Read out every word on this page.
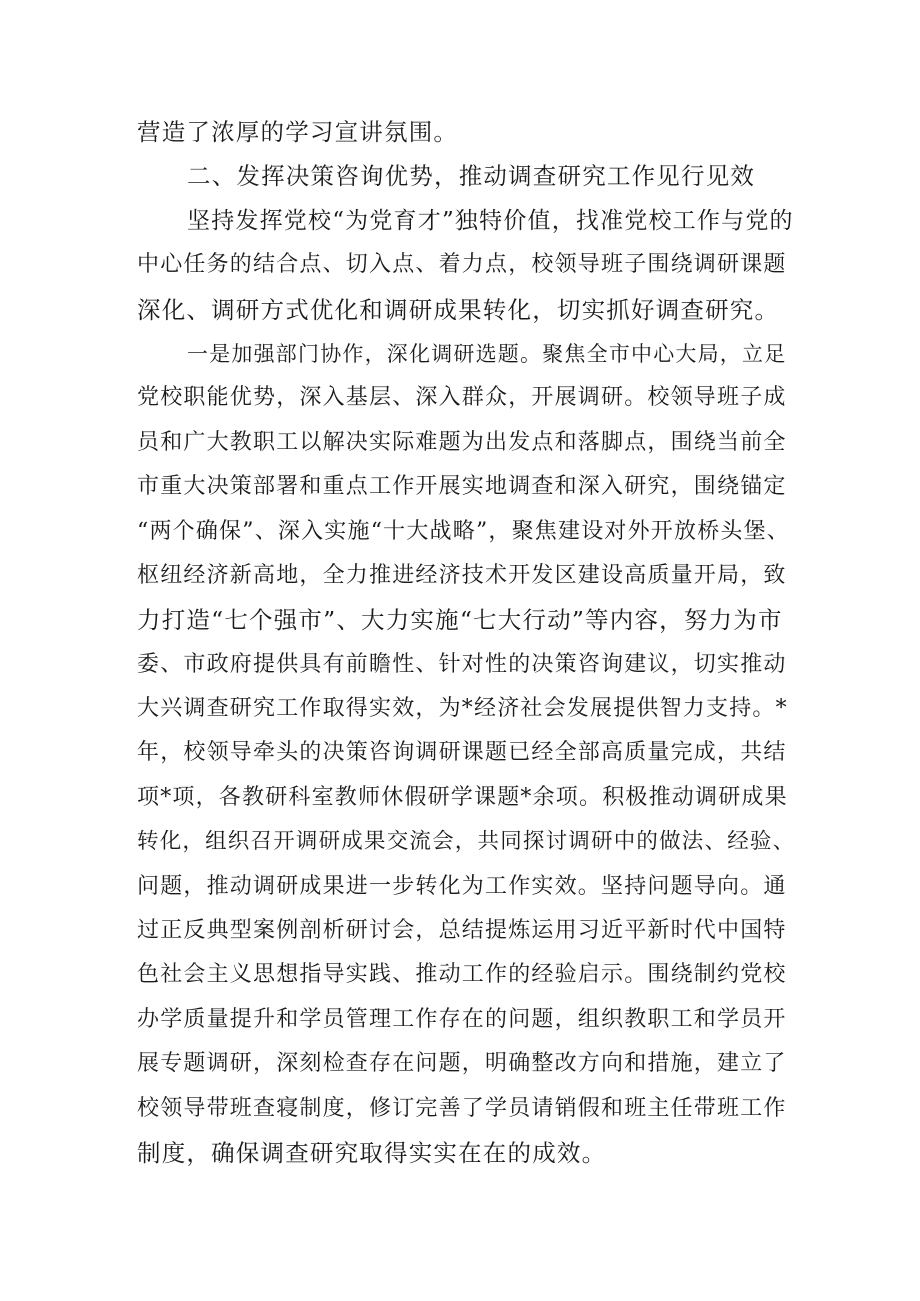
营造了浓厚的学习宣讲氛围。
二、发挥决策咨询优势，推动调查研究工作见行见效
坚持发挥党校“为党育才”独特价值，找准党校工作与党的
中心任务的结合点、切入点、着力点，校领导班子围绕调研课题
深化、调研方式优化和调研成果转化，切实抓好调查研究。
一是加强部门协作，深化调研选题。聚焦全市中心大局，立足
党校职能优势，深入基层、深入群众，开展调研。校领导班子成
员和广大教职工以解决实际难题为出发点和落脚点，围绕当前全
市重大决策部署和重点工作开展实地调查和深入研究，围绕锚定
“两个确保”、深入实施“十大战略”，聚焦建设对外开放桥头堡、
枢纽经济新高地，全力推进经济技术开发区建设高质量开局，致
力打造“七个强市”、大力实施“七大行动”等内容，努力为市
委、市政府提供具有前瞻性、针对性的决策咨询建议，切实推动
大兴调查研究工作取得实效，为*经济社会发展提供智力支持。*
年，校领导牵头的决策咨询调研课题已经全部高质量完成，共结
项*项，各教研科室教师休假研学课题*余项。积极推动调研成果
转化，组织召开调研成果交流会，共同探讨调研中的做法、经验、
问题，推动调研成果进一步转化为工作实效。坚持问题导向。通
过正反典型案例剖析研讨会，总结提炼运用习近平新时代中国特
色社会主义思想指导实践、推动工作的经验启示。围绕制约党校
办学质量提升和学员管理工作存在的问题，组织教职工和学员开
展专题调研，深刻检查存在问题，明确整改方向和措施，建立了
校领导带班查寝制度，修订完善了学员请销假和班主任带班工作
制度，确保调查研究取得实实在在的成效。
